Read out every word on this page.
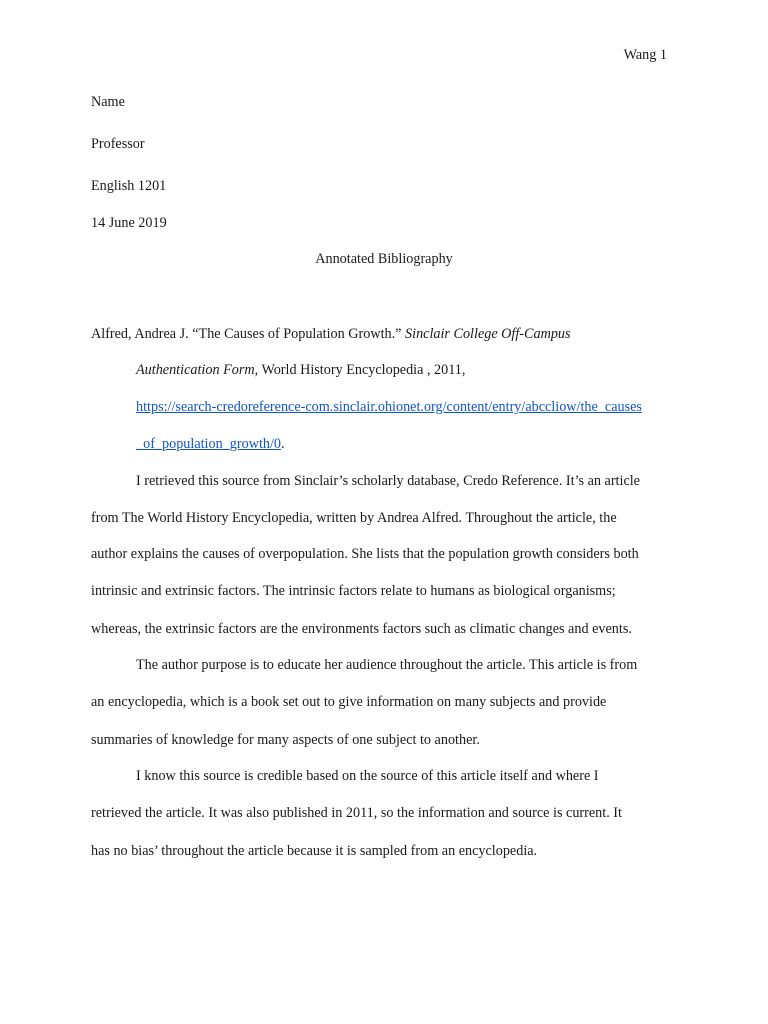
Wang 1
Name
Professor
English 1201
14 June 2019
Annotated Bibliography
Alfred, Andrea J. “The Causes of Population Growth.” Sinclair College Off-Campus
Authentication Form, World History Encyclopedia , 2011,
https://search-credoreference-com.sinclair.ohionet.org/content/entry/abccliow/the_causes
_of_population_growth/0.
I retrieved this source from Sinclair’s scholarly database, Credo Reference. It’s an article
from The World History Encyclopedia, written by Andrea Alfred. Throughout the article, the
author explains the causes of overpopulation. She lists that the population growth considers both
intrinsic and extrinsic factors. The intrinsic factors relate to humans as biological organisms;
whereas, the extrinsic factors are the environments factors such as climatic changes and events.
The author purpose is to educate her audience throughout the article. This article is from
an encyclopedia, which is a book set out to give information on many subjects and provide
summaries of knowledge for many aspects of one subject to another.
I know this source is credible based on the source of this article itself and where I
retrieved the article. It was also published in 2011, so the information and source is current. It
has no bias’ throughout the article because it is sampled from an encyclopedia.
